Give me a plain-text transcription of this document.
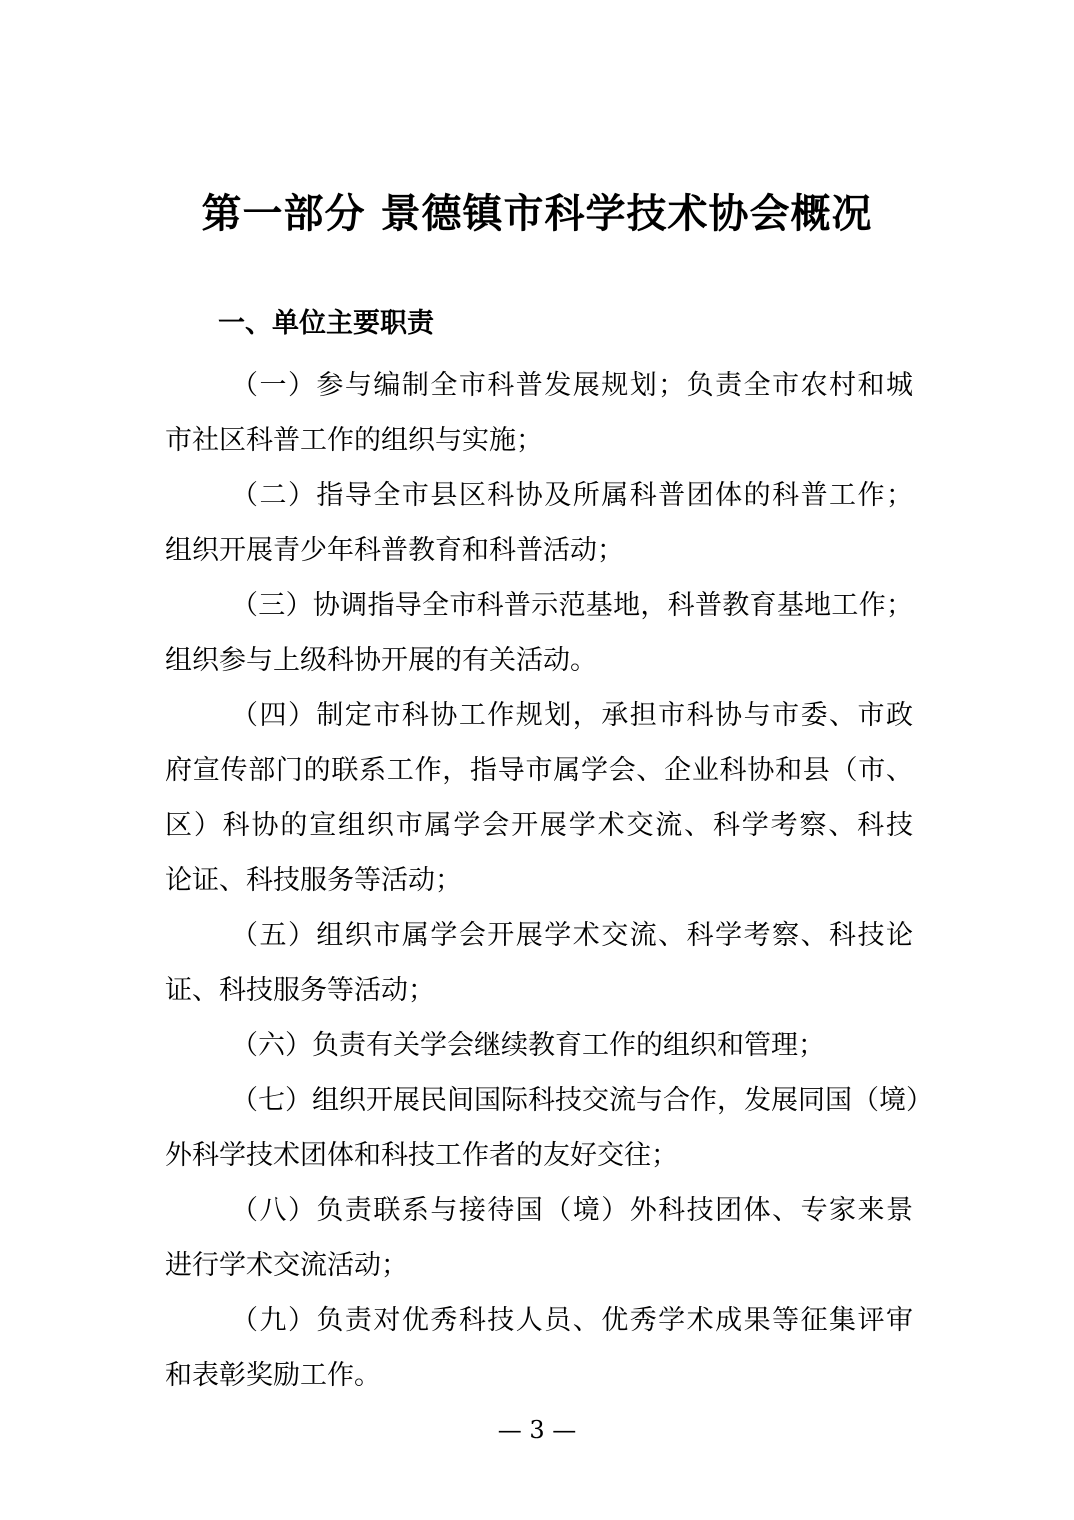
第一部分 景德镇市科学技术协会概况
一、单位主要职责
（一）参与编制全市科普发展规划；负责全市农村和城
市社区科普工作的组织与实施；
（二）指导全市县区科协及所属科普团体的科普工作；
组织开展青少年科普教育和科普活动；
（三）协调指导全市科普示范基地，科普教育基地工作；
组织参与上级科协开展的有关活动。
（四）制定市科协工作规划，承担市科协与市委、市政
府宣传部门的联系工作，指导市属学会、企业科协和县（市、
区）科协的宣组织市属学会开展学术交流、科学考察、科技
论证、科技服务等活动；
（五）组织市属学会开展学术交流、科学考察、科技论
证、科技服务等活动；
（六）负责有关学会继续教育工作的组织和管理；
（七）组织开展民间国际科技交流与合作，发展同国（境）
外科学技术团体和科技工作者的友好交往；
（八）负责联系与接待国（境）外科技团体、专家来景
进行学术交流活动；
（九）负责对优秀科技人员、优秀学术成果等征集评审
和表彰奖励工作。
— 3 —
